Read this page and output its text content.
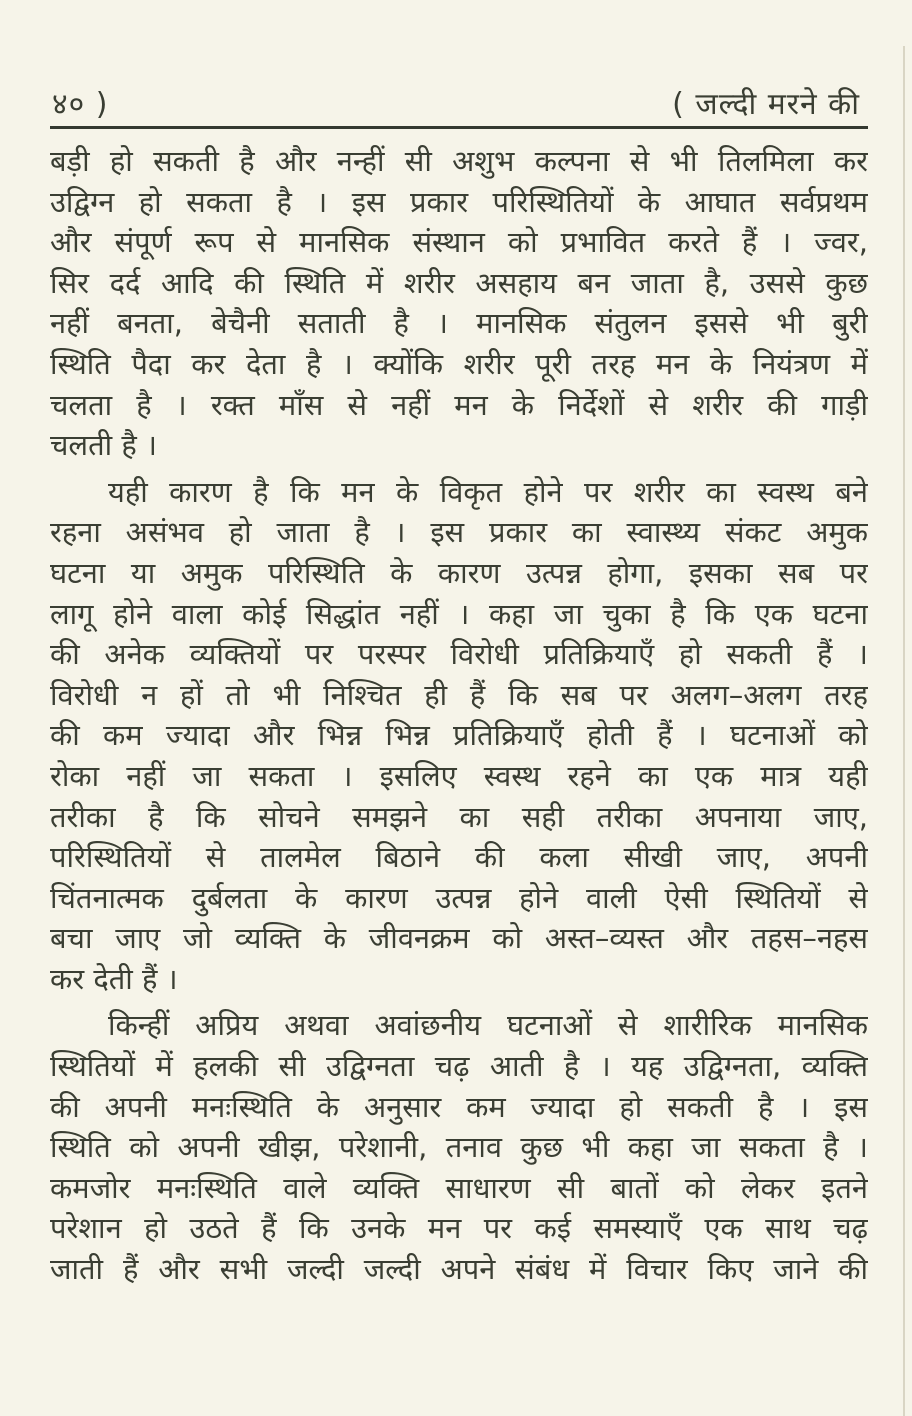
४० )	( जल्दी मरने की
बड़ी हो सकती है और नन्हीं सी अशुभ कल्पना से भी तिलमिला कर
उद्विग्न हो सकता है । इस प्रकार परिस्थितियों के आघात सर्वप्रथम
और संपूर्ण रूप से मानसिक संस्थान को प्रभावित करते हैं । ज्वर,
सिर दर्द आदि की स्थिति में शरीर असहाय बन जाता है, उससे कुछ
नहीं बनता, बेचैनी सताती है । मानसिक संतुलन इससे भी बुरी
स्थिति पैदा कर देता है । क्योंकि शरीर पूरी तरह मन के नियंत्रण में
चलता है । रक्त माँस से नहीं मन के निर्देशों से शरीर की गाड़ी
चलती है ।
यही कारण है कि मन के विकृत होने पर शरीर का स्वस्थ बने
रहना असंभव हो जाता है । इस प्रकार का स्वास्थ्य संकट अमुक
घटना या अमुक परिस्थिति के कारण उत्पन्न होगा, इसका सब पर
लागू होने वाला कोई सिद्धांत नहीं । कहा जा चुका है कि एक घटना
की अनेक व्यक्तियों पर परस्पर विरोधी प्रतिक्रियाएँ हो सकती हैं ।
विरोधी न हों तो भी निश्चित ही हैं कि सब पर अलग–अलग तरह
की कम ज्यादा और भिन्न भिन्न प्रतिक्रियाएँ होती हैं । घटनाओं को
रोका नहीं जा सकता । इसलिए स्वस्थ रहने का एक मात्र यही
तरीका है कि सोचने समझने का सही तरीका अपनाया जाए,
परिस्थितियों से तालमेल बिठाने की कला सीखी जाए, अपनी
चिंतनात्मक दुर्बलता के कारण उत्पन्न होने वाली ऐसी स्थितियों से
बचा जाए जो व्यक्ति के जीवनक्रम को अस्त–व्यस्त और तहस–नहस
कर देती हैं ।
किन्हीं अप्रिय अथवा अवांछनीय घटनाओं से शारीरिक मानसिक
स्थितियों में हलकी सी उद्विग्नता चढ़ आती है । यह उद्विग्नता, व्यक्ति
की अपनी मनःस्थिति के अनुसार कम ज्यादा हो सकती है । इस
स्थिति को अपनी खीझ, परेशानी, तनाव कुछ भी कहा जा सकता है ।
कमजोर मनःस्थिति वाले व्यक्ति साधारण सी बातों को लेकर इतने
परेशान हो उठते हैं कि उनके मन पर कई समस्याएँ एक साथ चढ़
जाती हैं और सभी जल्दी जल्दी अपने संबंध में विचार किए जाने की
